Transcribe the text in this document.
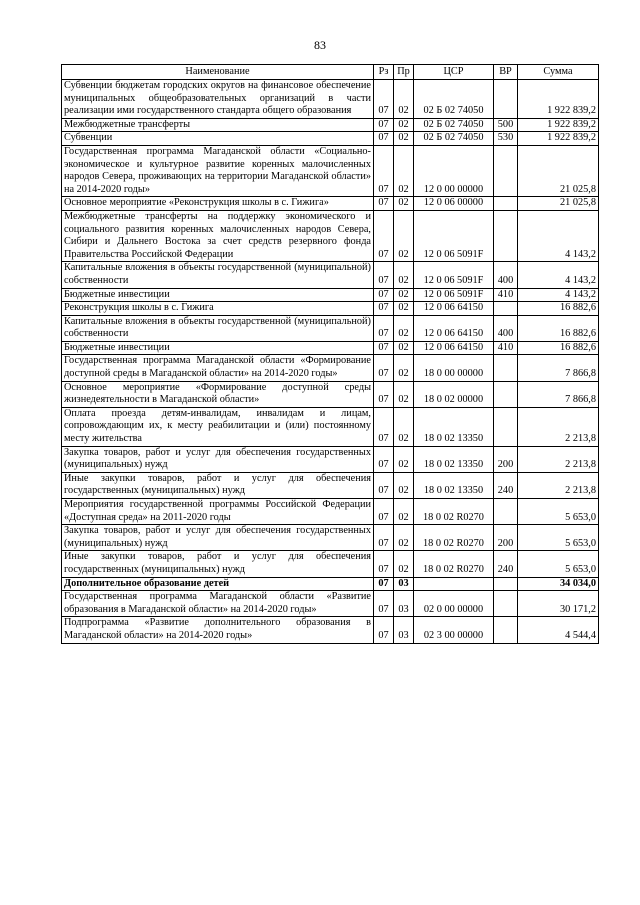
83
Наименование	Рз	Пр	ЦСР	ВР	Сумма
Субвенции бюджетам городских округов на финансовое обеспечение муниципальных общеобразовательных организаций в части реализации ими государственного стандарта общего образования	07	02	02 Б 02 74050		1 922 839,2
Межбюджетные трансферты	07	02	02 Б 02 74050	500	1 922 839,2
Субвенции	07	02	02 Б 02 74050	530	1 922 839,2
Государственная программа Магаданской области «Социально-экономическое и культурное развитие коренных малочисленных народов Севера, проживающих на территории Магаданской области» на 2014-2020 годы»	07	02	12 0 00 00000		21 025,8
Основное мероприятие «Реконструкция школы в с. Гижига»	07	02	12 0 06 00000		21 025,8
Межбюджетные трансферты на поддержку экономического и социального развития коренных малочисленных народов Севера, Сибири и Дальнего Востока за счет средств резервного фонда Правительства Российской Федерации	07	02	12 0 06 5091F		4 143,2
Капитальные вложения в объекты государственной (муниципальной) собственности	07	02	12 0 06 5091F	400	4 143,2
Бюджетные инвестиции	07	02	12 0 06 5091F	410	4 143,2
Реконструкция школы в с. Гижига	07	02	12 0 06 64150		16 882,6
Капитальные вложения в объекты государственной (муниципальной) собственности	07	02	12 0 06 64150	400	16 882,6
Бюджетные инвестиции	07	02	12 0 06 64150	410	16 882,6
Государственная программа Магаданской области «Формирование доступной среды в Магаданской области» на 2014-2020 годы»	07	02	18 0 00 00000		7 866,8
Основное мероприятие «Формирование доступной среды жизнедеятельности в Магаданской области»	07	02	18 0 02 00000		7 866,8
Оплата проезда детям-инвалидам, инвалидам и лицам, сопровождающим их, к месту реабилитации и (или) постоянному месту жительства	07	02	18 0 02 13350		2 213,8
Закупка товаров, работ и услуг для обеспечения государственных (муниципальных) нужд	07	02	18 0 02 13350	200	2 213,8
Иные закупки товаров, работ и услуг для обеспечения государственных (муниципальных) нужд	07	02	18 0 02 13350	240	2 213,8
Мероприятия государственной программы Российской Федерации «Доступная среда» на 2011-2020 годы	07	02	18 0 02 R0270		5 653,0
Закупка товаров, работ и услуг для обеспечения государственных (муниципальных) нужд	07	02	18 0 02 R0270	200	5 653,0
Иные закупки товаров, работ и услуг для обеспечения государственных (муниципальных) нужд	07	02	18 0 02 R0270	240	5 653,0
Дополнительное образование детей	07	03			34 034,0
Государственная программа Магаданской области «Развитие образования в Магаданской области» на 2014-2020 годы»	07	03	02 0 00 00000		30 171,2
Подпрограмма «Развитие дополнительного образования в Магаданской области» на 2014-2020 годы»	07	03	02 3 00 00000		4 544,4
